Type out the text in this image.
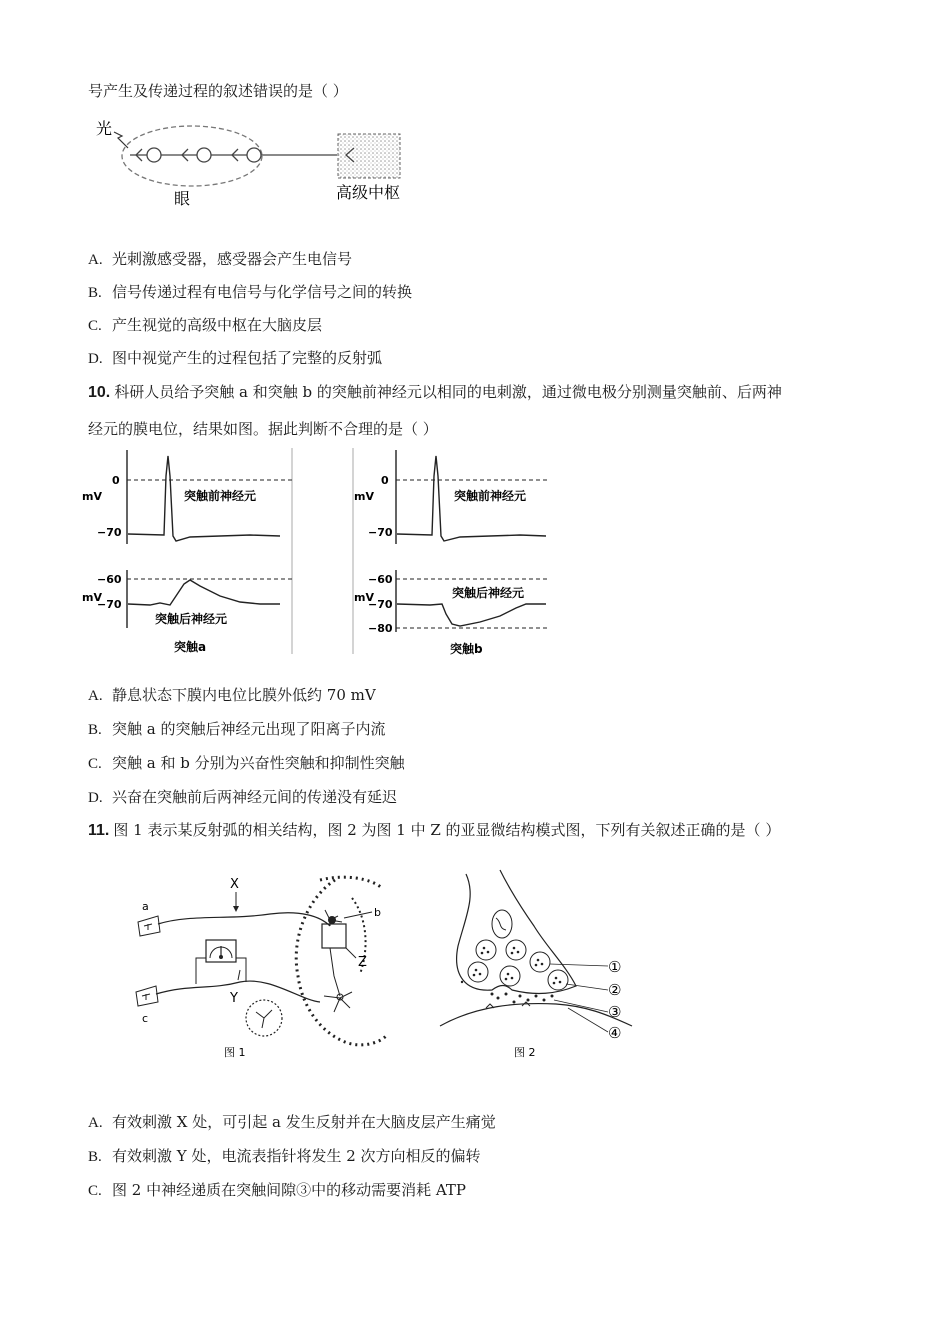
号产生及传递过程的叙述错误的是（ ）
光
眼	高级中枢
A. 光刺激感受器，感受器会产生电信号
B. 信号传递过程有电信号与化学信号之间的转换
C. 产生视觉的高级中枢在大脑皮层
D. 图中视觉产生的过程包括了完整的反射弧
10. 科研人员给予突触 a 和突触 b 的突触前神经元以相同的电刺激，通过微电极分别测量突触前、后两神
经元的膜电位，结果如图。据此判断不合理的是（ ）
0
mV
−70
突触前神经元
−60
mV
−70
突触后神经元
突触a
0
mV
−70
突触前神经元
−60
mV
−70
−80
突触后神经元
突触b
A. 静息状态下膜内电位比膜外低约 70 mV
B. 突触 a 的突触后神经元出现了阳离子内流
C. 突触 a 和 b 分别为兴奋性突触和抑制性突触
D. 兴奋在突触前后两神经元间的传递没有延迟
11. 图 1 表示某反射弧的相关结构，图 2 为图 1 中 Z 的亚显微结构模式图，下列有关叙述正确的是（ ）
X
a
c
Y
Z
b
图 1
①
②
③
④
图 2
A. 有效刺激 X 处，可引起 a 发生反射并在大脑皮层产生痛觉
B. 有效刺激 Y 处，电流表指针将发生 2 次方向相反的偏转
C. 图 2 中神经递质在突触间隙③中的移动需要消耗 ATP
